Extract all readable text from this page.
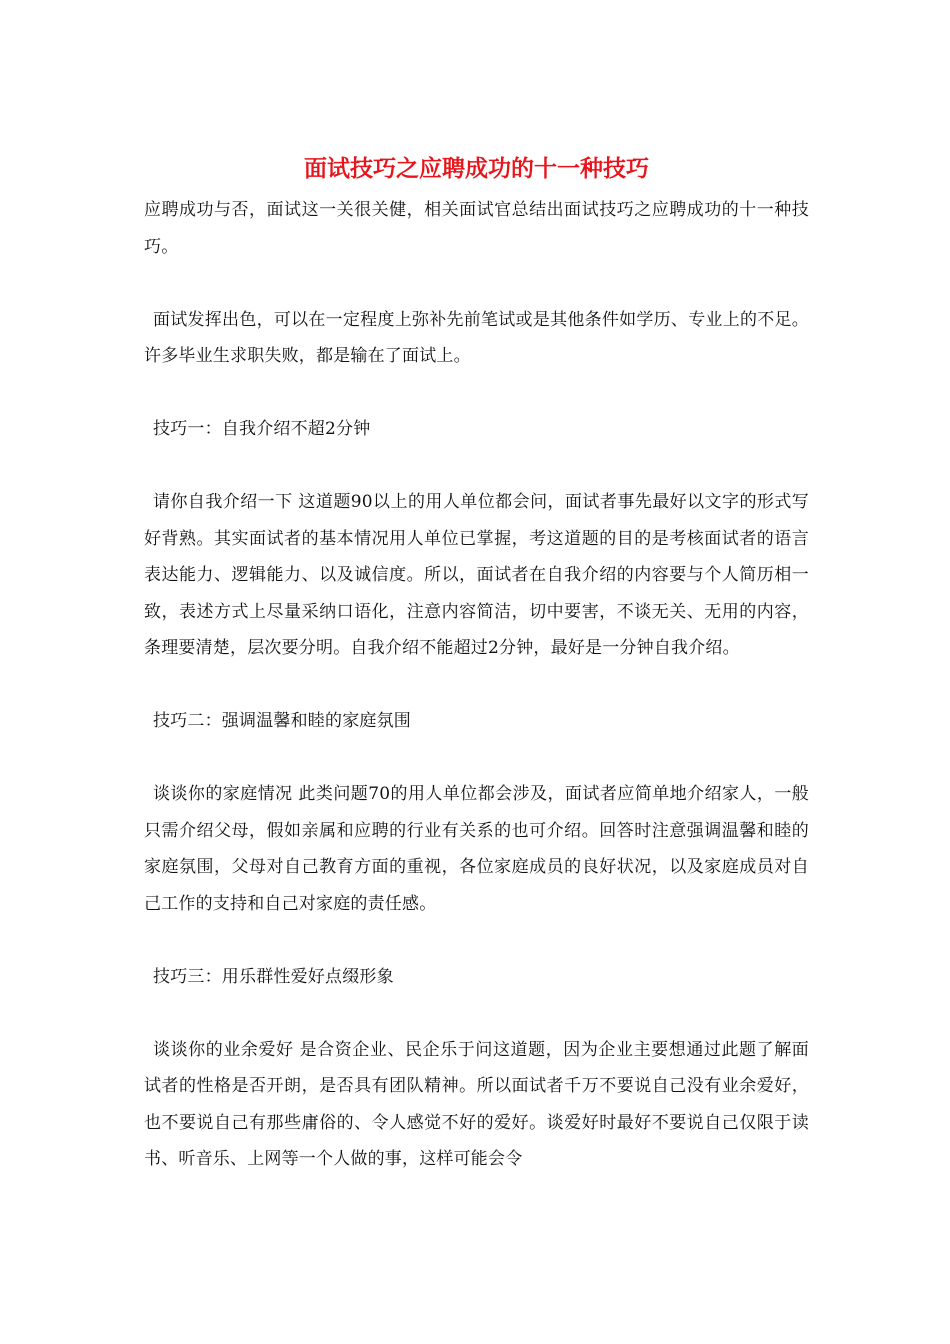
面试技巧之应聘成功的十一种技巧

应聘成功与否，面试这一关很关健，相关面试官总结出面试技巧之应聘成功的十一种技巧。

面试发挥出色，可以在一定程度上弥补先前笔试或是其他条件如学历、专业上的不足。许多毕业生求职失败，都是输在了面试上。

技巧一：自我介绍不超2分钟

请你自我介绍一下 这道题90以上的用人单位都会问，面试者事先最好以文字的形式写好背熟。其实面试者的基本情况用人单位已掌握，考这道题的目的是考核面试者的语言表达能力、逻辑能力、以及诚信度。所以，面试者在自我介绍的内容要与个人简历相一致，表述方式上尽量采纳口语化，注意内容简洁，切中要害，不谈无关、无用的内容，条理要清楚，层次要分明。自我介绍不能超过2分钟，最好是一分钟自我介绍。

技巧二：强调温馨和睦的家庭氛围

谈谈你的家庭情况 此类问题70的用人单位都会涉及，面试者应简单地介绍家人，一般只需介绍父母，假如亲属和应聘的行业有关系的也可介绍。回答时注意强调温馨和睦的家庭氛围，父母对自己教育方面的重视，各位家庭成员的良好状况，以及家庭成员对自己工作的支持和自己对家庭的责任感。

技巧三：用乐群性爱好点缀形象

谈谈你的业余爱好 是合资企业、民企乐于问这道题，因为企业主要想通过此题了解面试者的性格是否开朗，是否具有团队精神。所以面试者千万不要说自己没有业余爱好，也不要说自己有那些庸俗的、令人感觉不好的爱好。谈爱好时最好不要说自己仅限于读书、听音乐、上网等一个人做的事，这样可能会令
